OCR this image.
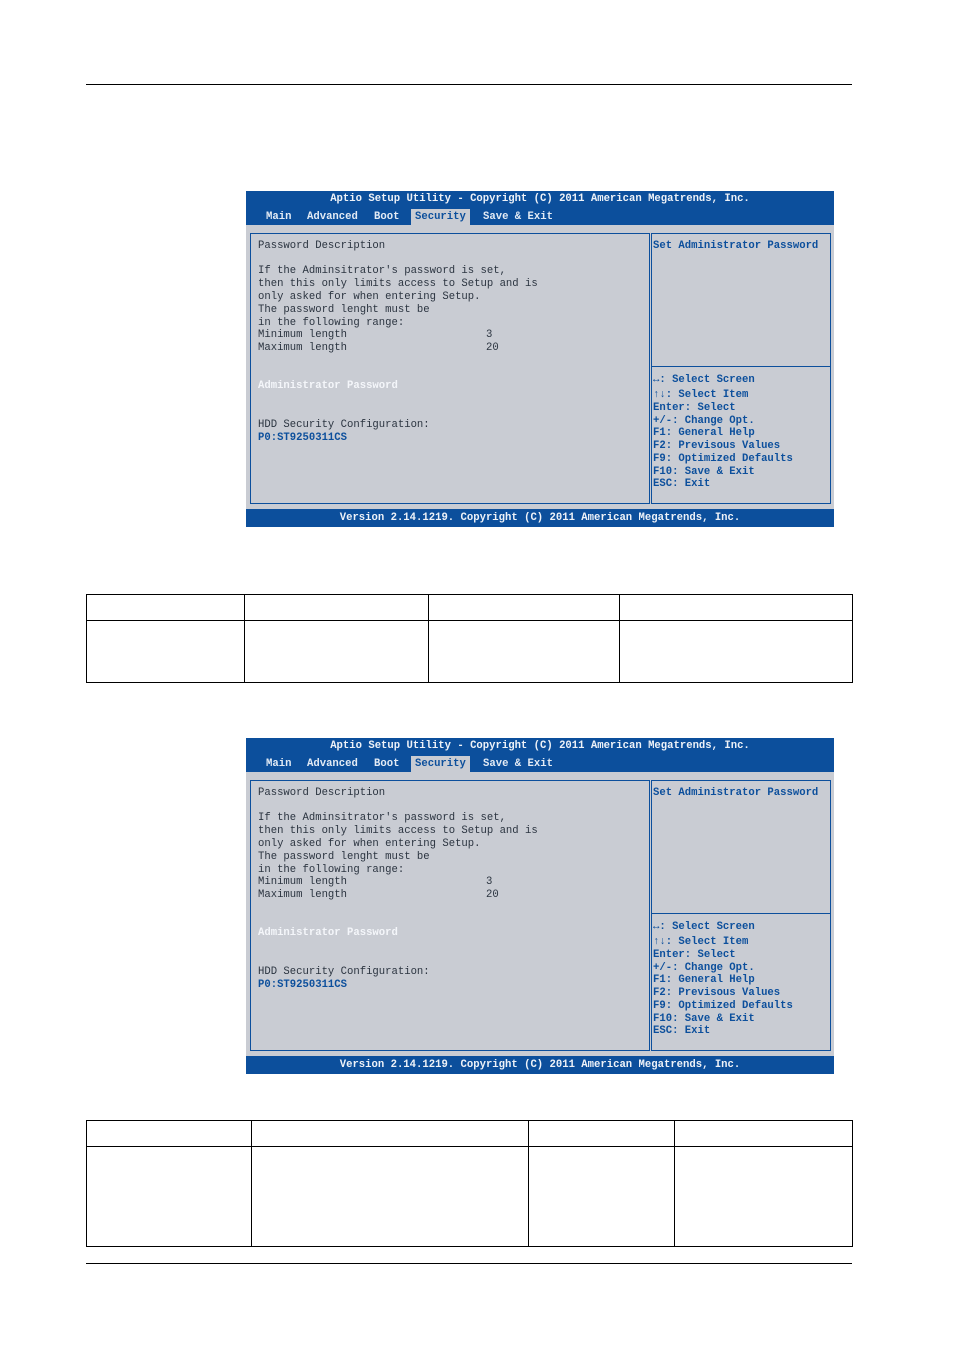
Aptio Setup Utility - Copyright (C) 2011 American Megatrends, Inc.
Main	Advanced	Boot	Security	Save & Exit
Password Description
If the Adminsitrator's password is set,
then this only limits access to Setup and is
only asked for when entering Setup.
The password lenght must be
in the following range:
Minimum length	3
Maximum length	20
Administrator Password
HDD Security Configuration:
P0:ST9250311CS
Set Administrator Password
↔: Select Screen
↑↓: Select Item
Enter: Select
+/-: Change Opt.
F1: General Help
F2: Previsous Values
F9: Optimized Defaults
F10: Save & Exit
ESC: Exit
Version 2.14.1219. Copyright (C) 2011 American Megatrends, Inc.

Aptio Setup Utility - Copyright (C) 2011 American Megatrends, Inc.
Main	Advanced	Boot	Security	Save & Exit
Password Description
If the Adminsitrator's password is set,
then this only limits access to Setup and is
only asked for when entering Setup.
The password lenght must be
in the following range:
Minimum length	3
Maximum length	20
Administrator Password
HDD Security Configuration:
P0:ST9250311CS
Set Administrator Password
↔: Select Screen
↑↓: Select Item
Enter: Select
+/-: Change Opt.
F1: General Help
F2: Previsous Values
F9: Optimized Defaults
F10: Save & Exit
ESC: Exit
Version 2.14.1219. Copyright (C) 2011 American Megatrends, Inc.
